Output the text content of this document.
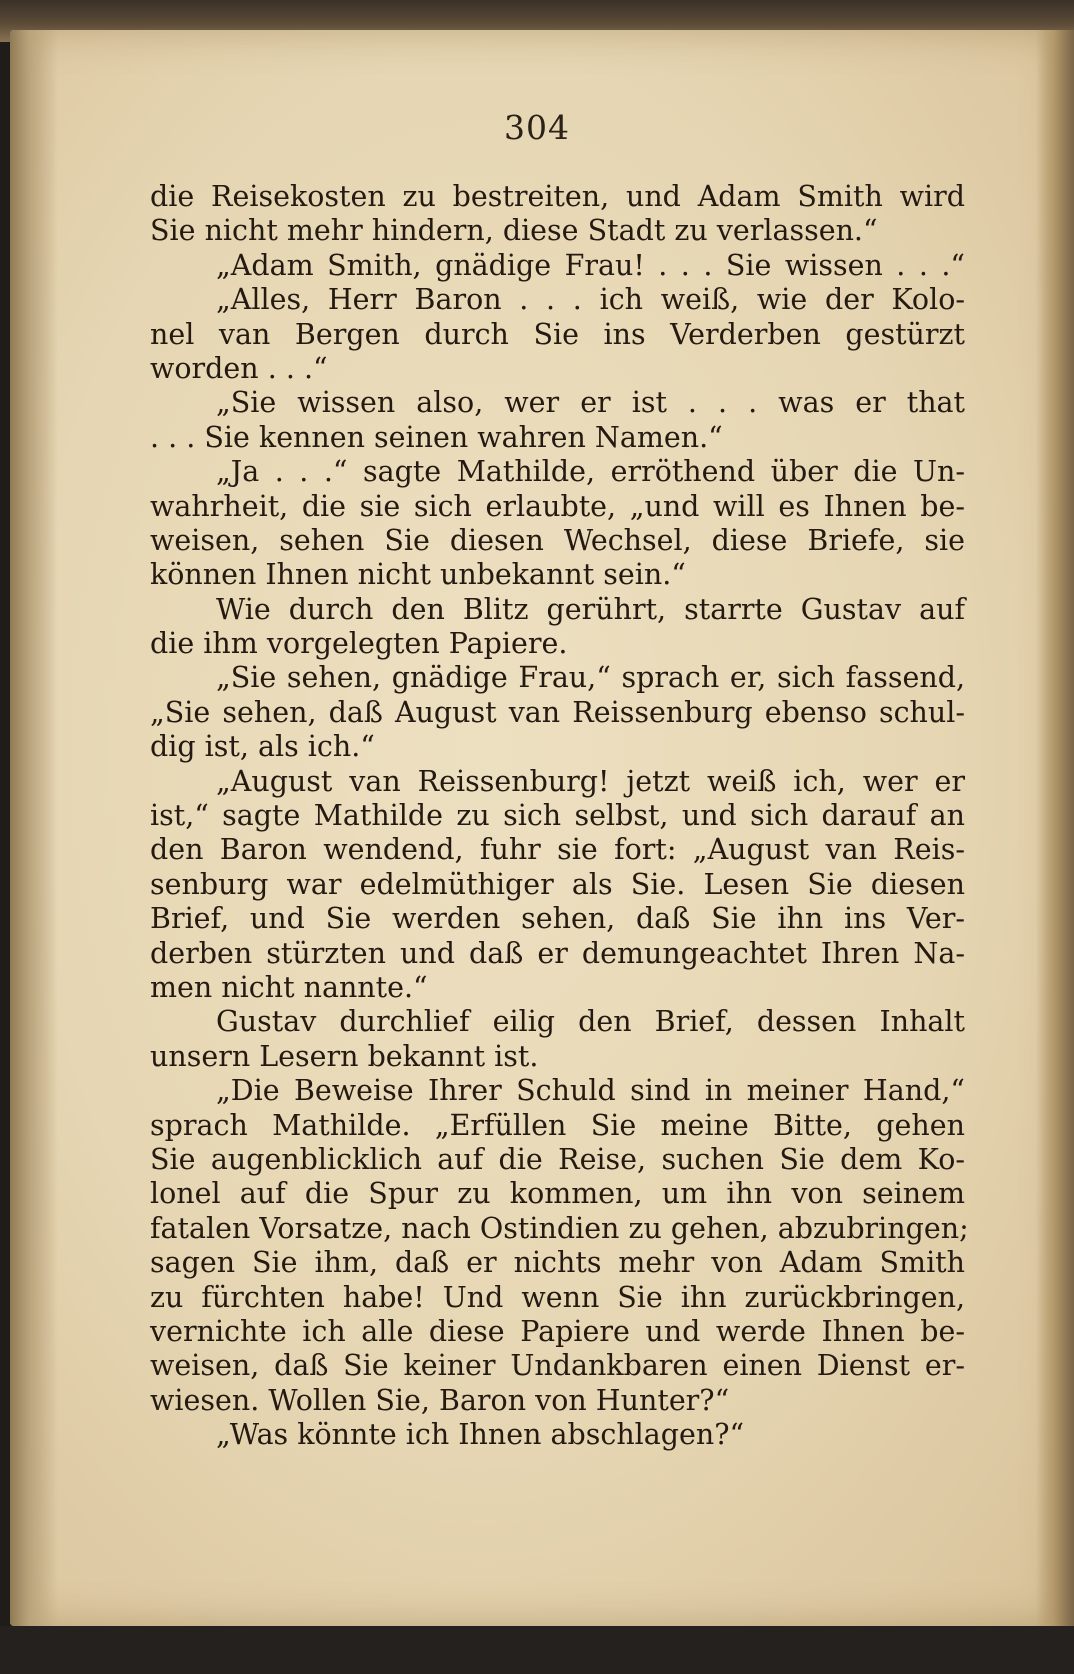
304
die Reisekosten zu bestreiten, und Adam Smith wird
Sie nicht mehr hindern, diese Stadt zu verlassen.“
„Adam Smith, gnädige Frau! . . . Sie wissen . . .“
„Alles, Herr Baron . . . ich weiß, wie der Kolo-
nel van Bergen durch Sie ins Verderben gestürzt
worden . . .“
„Sie wissen also, wer er ist . . . was er that
. . . Sie kennen seinen wahren Namen.“
„Ja . . .“ sagte Mathilde, erröthend über die Un-
wahrheit, die sie sich erlaubte, „und will es Ihnen be-
weisen, sehen Sie diesen Wechsel, diese Briefe, sie
können Ihnen nicht unbekannt sein.“
Wie durch den Blitz gerührt, starrte Gustav auf
die ihm vorgelegten Papiere.
„Sie sehen, gnädige Frau,“ sprach er, sich fassend,
„Sie sehen, daß August van Reissenburg ebenso schul-
dig ist, als ich.“
„August van Reissenburg! jetzt weiß ich, wer er
ist,“ sagte Mathilde zu sich selbst, und sich darauf an
den Baron wendend, fuhr sie fort: „August van Reis-
senburg war edelmüthiger als Sie. Lesen Sie diesen
Brief, und Sie werden sehen, daß Sie ihn ins Ver-
derben stürzten und daß er demungeachtet Ihren Na-
men nicht nannte.“
Gustav durchlief eilig den Brief, dessen Inhalt
unsern Lesern bekannt ist.
„Die Beweise Ihrer Schuld sind in meiner Hand,“
sprach Mathilde. „Erfüllen Sie meine Bitte, gehen
Sie augenblicklich auf die Reise, suchen Sie dem Ko-
lonel auf die Spur zu kommen, um ihn von seinem
fatalen Vorsatze, nach Ostindien zu gehen, abzubringen;
sagen Sie ihm, daß er nichts mehr von Adam Smith
zu fürchten habe! Und wenn Sie ihn zurückbringen,
vernichte ich alle diese Papiere und werde Ihnen be-
weisen, daß Sie keiner Undankbaren einen Dienst er-
wiesen. Wollen Sie, Baron von Hunter?“
„Was könnte ich Ihnen abschlagen?“
